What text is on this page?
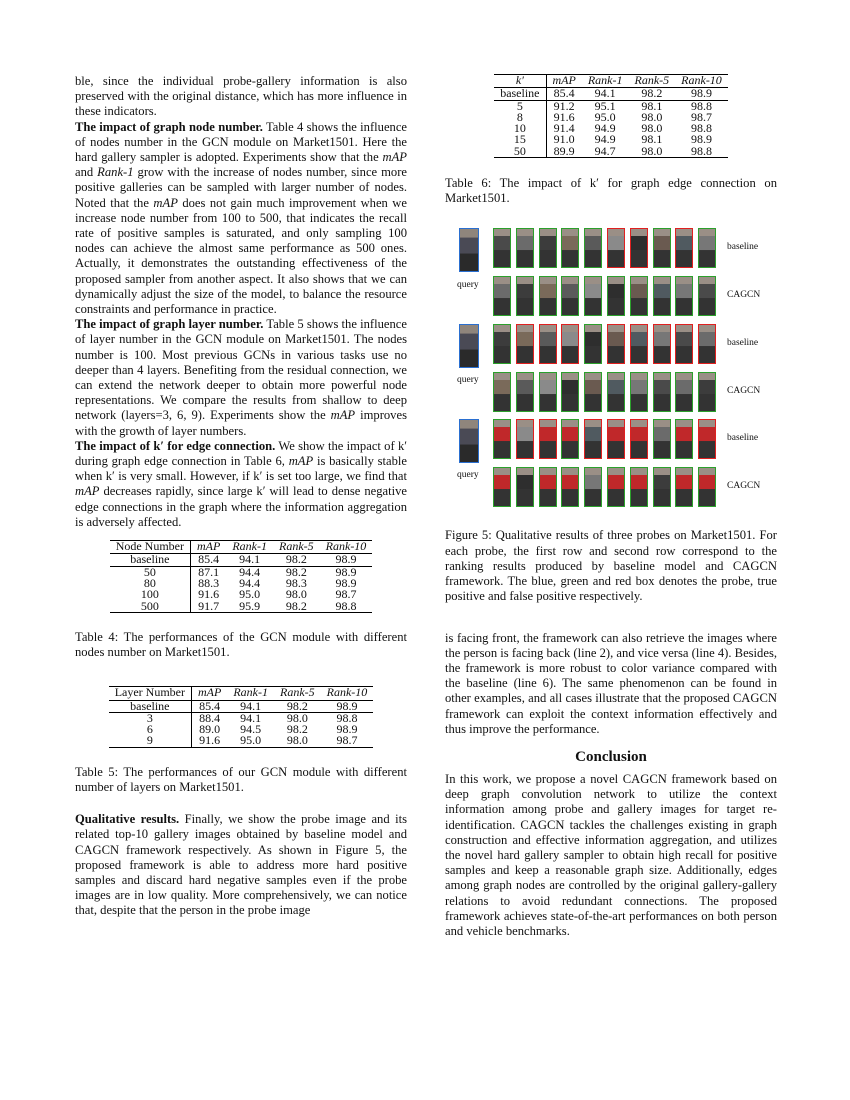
ble, since the individual probe-gallery information is also preserved with the original distance, which has more influence in these indicators.

The impact of graph node number. Table 4 shows the influence of nodes number in the GCN module on Market1501. Here the hard gallery sampler is adopted. Experiments show that the mAP and Rank-1 grow with the increase of nodes number, since more positive galleries can be sampled with larger number of nodes. Noted that the mAP does not gain much improvement when we increase node number from 100 to 500, that indicates the recall rate of positive samples is saturated, and only sampling 100 nodes can achieve the almost same performance as 500 ones. Actually, it demonstrates the outstanding effectiveness of the proposed sampler from another aspect. It also shows that we can dynamically adjust the size of the model, to balance the resource constraints and performance in practice.

The impact of graph layer number. Table 5 shows the influence of layer number in the GCN module on Market1501. The nodes number is 100. Most previous GCNs in various tasks use no deeper than 4 layers. Benefiting from the residual connection, we can extend the network deeper to obtain more powerful node representations. We compare the results from shallow to deep network (layers=3, 6, 9). Experiments show the mAP improves with the growth of layer numbers.

The impact of k′ for edge connection. We show the impact of k′ during graph edge connection in Table 6, mAP is basically stable when k′ is very small. However, if k′ is set too large, we find that mAP decreases rapidly, since large k′ will lead to dense negative edge connections in the graph where the information aggregation is adversely affected.

Node Number	mAP	Rank-1	Rank-5	Rank-10
baseline	85.4	94.1	98.2	98.9
50	87.1	94.4	98.2	98.9
80	88.3	94.4	98.3	98.9
100	91.6	95.0	98.0	98.7
500	91.7	95.9	98.2	98.8

Table 4: The performances of the GCN module with different nodes number on Market1501.

Layer Number	mAP	Rank-1	Rank-5	Rank-10
baseline	85.4	94.1	98.2	98.9
3	88.4	94.1	98.0	98.8
6	89.0	94.5	98.2	98.9
9	91.6	95.0	98.0	98.7

Table 5: The performances of our GCN module with different number of layers on Market1501.

Qualitative results. Finally, we show the probe image and its related top-10 gallery images obtained by baseline model and CAGCN framework respectively. As shown in Figure 5, the proposed framework is able to address more hard positive samples and discard hard negative samples even if the probe images are in low quality. More comprehensively, we can notice that, despite that the person in the probe image

k′	mAP	Rank-1	Rank-5	Rank-10
baseline	85.4	94.1	98.2	98.9
5	91.2	95.1	98.1	98.8
8	91.6	95.0	98.0	98.7
10	91.4	94.9	98.0	98.8
15	91.0	94.9	98.1	98.9
50	89.9	94.7	98.0	98.8

Table 6: The impact of k′ for graph edge connection on Market1501.

query
query
query
baseline
CAGCN
baseline
CAGCN
baseline
CAGCN

Figure 5: Qualitative results of three probes on Market1501. For each probe, the first row and second row correspond to the ranking results produced by baseline model and CAGCN framework. The blue, green and red box denotes the probe, true positive and false positive respectively.

is facing front, the framework can also retrieve the images where the person is facing back (line 2), and vice versa (line 4). Besides, the framework is more robust to color variance compared with the baseline (line 6). The same phenomenon can be found in other examples, and all cases illustrate that the proposed CAGCN framework can exploit the context information effectively and thus improve the performance.

Conclusion

In this work, we propose a novel CAGCN framework based on deep graph convolution network to utilize the context information among probe and gallery images for target re-identification. CAGCN tackles the challenges existing in graph construction and effective information aggregation, and utilizes the novel hard gallery sampler to obtain high recall for positive samples and keep a reasonable graph size. Additionally, edges among graph nodes are controlled by the original gallery-gallery relations to avoid redundant connections. The proposed framework achieves state-of-the-art performances on both person and vehicle benchmarks.
